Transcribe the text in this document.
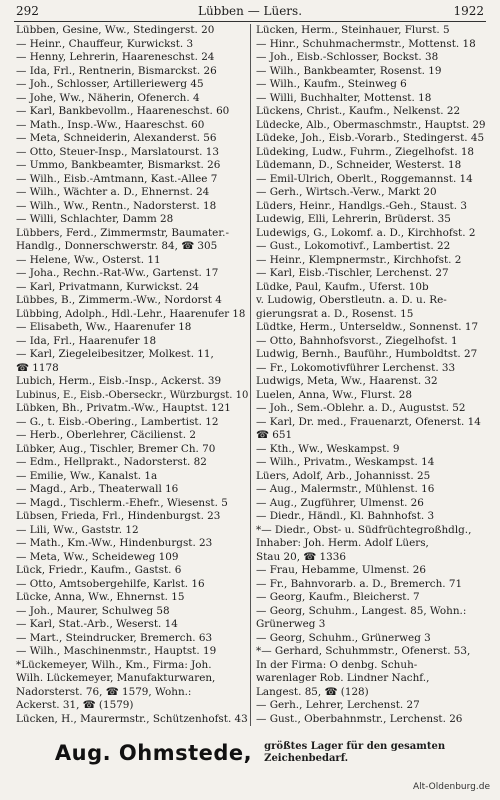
292	Lübben — Lüers.	1922
Lübben, Gesine, Ww., Stedingerst. 20
— Heinr., Chauffeur, Kurwickst. 3
— Henny, Lehrerin, Haareneschst. 24
— Ida, Frl., Rentnerin, Bismarckst. 26
— Joh., Schlosser, Artilleriewerg 45
— Johe, Ww., Näherin, Ofenerch. 4
— Karl, Bankbevollm., Haareneschst. 60
— Math., Insp.-Ww., Haareschst. 60
— Meta, Schneiderin, Alexanderst. 56
— Otto, Steuer-Insp., Marslatourst. 13
— Ummo, Bankbeamter, Bismarkst. 26
— Wilh., Eisb.-Amtmann, Kast.-Allee 7
— Wilh., Wächter a. D., Ehnernst. 24
— Wilh., Ww., Rentn., Nadorsterst. 18
— Willi, Schlachter, Damm 28
Lübbers, Ferd., Zimmermstr, Baumater.-
Handlg., Donnerschwerstr. 84, ☎ 305
— Helene, Ww., Osterst. 11
— Joha., Rechn.-Rat-Ww., Gartenst. 17
— Karl, Privatmann, Kurwickst. 24
Lübbes, B., Zimmerm.-Ww., Nordorst 4
Lübbing, Adolph., Hdl.-Lehr., Haarenufer 18
— Elisabeth, Ww., Haarenufer 18
— Ida, Frl., Haarenufer 18
— Karl, Ziegeleibesitzer, Molkest. 11,
☎ 1178
Lubich, Herm., Eisb.-Insp., Ackerst. 39
Lubinus, E., Eisb.-Oberseckr., Würzburgst. 10
Lübken, Bh., Privatm.-Ww., Hauptst. 121
— G., t. Eisb.-Obering., Lambertist. 12
— Herb., Oberlehrer, Cäcilienst. 2
Lübker, Aug., Tischler, Bremer Ch. 70
— Edm., Hellprakt., Nadorsterst. 82
— Emilie, Ww., Kanalst. 1a
— Magd., Arb., Theaterwall 16
— Magd., Tischlerm.-Ehefr., Wiesenst. 5
Lübsen, Frieda, Frl., Hindenburgst. 23
— Lili, Ww., Gaststr. 12
— Math., Km.-Ww., Hindenburgst. 23
— Meta, Ww., Scheideweg 109
Lück, Friedr., Kaufm., Gastst. 6
— Otto, Amtsobergehilfe, Karlst. 16
Lücke, Anna, Ww., Ehnernst. 15
— Joh., Maurer, Schulweg 58
— Karl, Stat.-Arb., Weserst. 14
— Mart., Steindrucker, Bremerch. 63
— Wilh., Maschinenmstr., Hauptst. 19
*Lückemeyer, Wilh., Km., Firma: Joh.
Wilh. Lückemeyer, Manufakturwaren,
Nadorsterst. 76, ☎ 1579, Wohn.:
Ackerst. 31, ☎ (1579)
Lücken, H., Maurermstr., Schützenhofst. 43
Lücken, Herm., Steinhauer, Flurst. 5
— Hinr., Schuhmachermstr., Mottenst. 18
— Joh., Eisb.-Schlosser, Bockst. 38
— Wilh., Bankbeamter, Rosenst. 19
— Wilh., Kaufm., Steinweg 6
— Willi, Buchhalter, Mottenst. 18
Lückens, Christ., Kaufm., Nelkenst. 22
Lüdecke, Alb., Obermaschmstr., Hauptst. 29
Lüdeke, Joh., Eisb.-Vorarb., Stedingerst. 45
Lüdeking, Ludw., Fuhrm., Ziegelhofst. 18
Lüdemann, D., Schneider, Westerst. 18
— Emil-Ulrich, Oberlt., Roggemannst. 14
— Gerh., Wirtsch.-Verw., Markt 20
Lüders, Heinr., Handlgs.-Geh., Staust. 3
Ludewig, Elli, Lehrerin, Brüderst. 35
Ludewigs, G., Lokomf. a. D., Kirchhofst. 2
— Gust., Lokomotivf., Lambertist. 22
— Heinr., Klempnermstr., Kirchhofst. 2
— Karl, Eisb.-Tischler, Lerchenst. 27
Lüdke, Paul, Kaufm., Uferst. 10b
v. Ludowig, Oberstleutn. a. D. u. Re-
gierungsrat a. D., Rosenst. 15
Lüdtke, Herm., Unterseldw., Sonnenst. 17
— Otto, Bahnhofsvorst., Ziegelhofst. 1
Ludwig, Bernh., Bauführ., Humboldtst. 27
— Fr., Lokomotivführer Lerchenst. 33
Ludwigs, Meta, Ww., Haarenst. 32
Luelen, Anna, Ww., Flurst. 28
— Joh., Sem.-Oblehr. a. D., Augustst. 52
— Karl, Dr. med., Frauenarzt, Ofenerst. 14
☎ 651
— Kth., Ww., Weskampst. 9
— Wilh., Privatm., Weskampst. 14
Lüers, Adolf, Arb., Johannisst. 25
— Aug., Malermstr., Mühlenst. 16
— Aug., Zugführer, Ulmenst. 26
— Diedr., Händl., Kl. Bahnhofst. 3
*— Diedr., Obst- u. Südfrüchtegroßhdlg.,
Inhaber: Joh. Herm. Adolf Lüers,
Stau 20, ☎ 1336
— Frau, Hebamme, Ulmenst. 26
— Fr., Bahnvorarb. a. D., Bremerch. 71
— Georg, Kaufm., Bleicherst. 7
— Georg, Schuhm., Langest. 85, Wohn.:
Grünerweg 3
— Georg, Schuhm., Grünerweg 3
*— Gerhard, Schuhmmstr., Ofenerst. 53,
In der Firma: O denbg. Schuh-
warenlager Rob. Lindner Nachf.,
Langest. 85, ☎ (128)
— Gerh., Lehrer, Lerchenst. 27
— Gust., Oberbahnmstr., Lerchenst. 26
Aug. Ohmstede, größtes Lager für den gesamten
Zeichenbedarf.
Alt-Oldenburg.de
